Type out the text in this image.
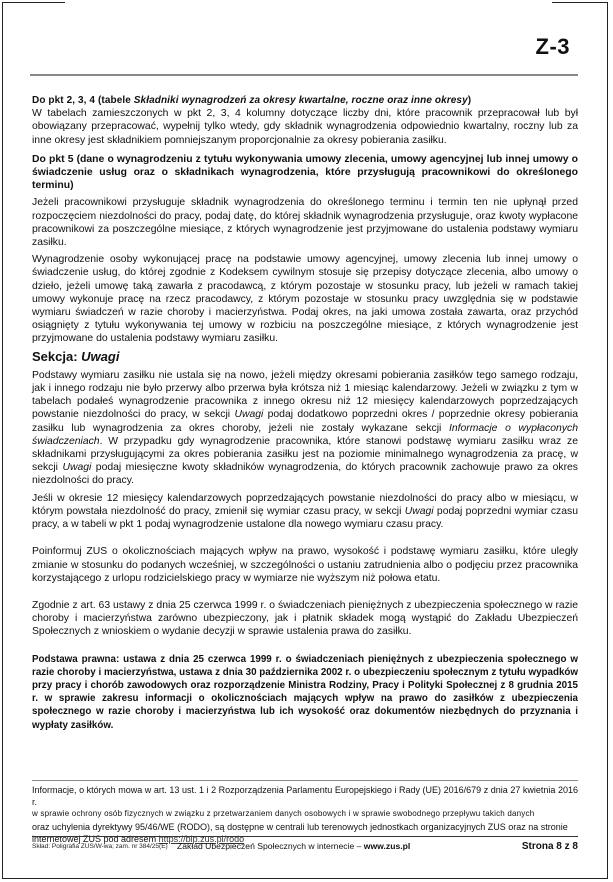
Z-3

Do pkt 2, 3, 4 (tabele Składniki wynagrodzeń za okresy kwartalne, roczne oraz inne okresy)

W tabelach zamieszczonych w pkt 2, 3, 4 kolumny dotyczące liczby dni, które pracownik przepracował lub był obowiązany przepracować, wypełnij tylko wtedy, gdy składnik wynagrodzenia odpowiednio kwartalny, roczny lub za inne okresy jest składnikiem pomniejszanym proporcjonalnie za okresy pobierania zasiłku.

Do pkt 5 (dane o wynagrodzeniu z tytułu wykonywania umowy zlecenia, umowy agencyjnej lub innej umowy o świadczenie usług oraz o składnikach wynagrodzenia, które przysługują pracownikowi do określonego terminu)

Jeżeli pracownikowi przysługuje składnik wynagrodzenia do określonego terminu i termin ten nie upłynął przed rozpoczęciem niezdolności do pracy, podaj datę, do której składnik wynagrodzenia przysługuje, oraz kwoty wypłacone pracownikowi za poszczególne miesiące, z których wynagrodzenie jest przyjmowane do ustalenia podstawy wymiaru zasiłku.

Wynagrodzenie osoby wykonującej pracę na podstawie umowy agencyjnej, umowy zlecenia lub innej umowy o świadczenie usług, do której zgodnie z Kodeksem cywilnym stosuje się przepisy dotyczące zlecenia, albo umowy o dzieło, jeżeli umowę taką zawarła z pracodawcą, z którym pozostaje w stosunku pracy, lub jeżeli w ramach takiej umowy wykonuje pracę na rzecz pracodawcy, z którym pozostaje w stosunku pracy uwzględnia się w podstawie wymiaru świadczeń w razie choroby i macierzyństwa. Podaj okres, na jaki umowa została zawarta, oraz przychód osiągnięty z tytułu wykonywania tej umowy w rozbiciu na poszczególne miesiące, z których wynagrodzenie jest przyjmowane do ustalenia podstawy wymiaru zasiłku.

Sekcja: Uwagi

Podstawy wymiaru zasiłku nie ustala się na nowo, jeżeli między okresami pobierania zasiłków tego samego rodzaju, jak i innego rodzaju nie było przerwy albo przerwa była krótsza niż 1 miesiąc kalendarzowy. Jeżeli w związku z tym w tabelach podałeś wynagrodzenie pracownika z innego okresu niż 12 miesięcy kalendarzowych poprzedzających powstanie niezdolności do pracy, w sekcji Uwagi podaj dodatkowo poprzedni okres / poprzednie okresy pobierania zasiłku lub wynagrodzenia za okres choroby, jeżeli nie zostały wykazane sekcji Informacje o wypłaconych świadczeniach. W przypadku gdy wynagrodzenie pracownika, które stanowi podstawę wymiaru zasiłku wraz ze składnikami przysługującymi za okres pobierania zasiłku jest na poziomie minimalnego wynagrodzenia za pracę, w sekcji Uwagi podaj miesięczne kwoty składników wynagrodzenia, do których pracownik zachowuje prawo za okres niezdolności do pracy.

Jeśli w okresie 12 miesięcy kalendarzowych poprzedzających powstanie niezdolności do pracy albo w miesiącu, w którym powstała niezdolność do pracy, zmienił się wymiar czasu pracy, w sekcji Uwagi podaj poprzedni wymiar czasu pracy, a w tabeli w pkt 1 podaj wynagrodzenie ustalone dla nowego wymiaru czasu pracy.

Poinformuj ZUS o okolicznościach mających wpływ na prawo, wysokość i podstawę wymiaru zasiłku, które uległy zmianie w stosunku do podanych wcześniej, w szczególności o ustaniu zatrudnienia albo o podjęciu przez pracownika korzystającego z urlopu rodzicielskiego pracy w wymiarze nie wyższym niż połowa etatu.

Zgodnie z art. 63 ustawy z dnia 25 czerwca 1999 r. o świadczeniach pieniężnych z ubezpieczenia społecznego w razie choroby i macierzyństwa zarówno ubezpieczony, jak i płatnik składek mogą wystąpić do Zakładu Ubezpieczeń Społecznych z wnioskiem o wydanie decyzji w sprawie ustalenia prawa do zasiłku.

Podstawa prawna: ustawa z dnia 25 czerwca 1999 r. o świadczeniach pieniężnych z ubezpieczenia społecznego w razie choroby i macierzyństwa, ustawa z dnia 30 października 2002 r. o ubezpieczeniu społecznym z tytułu wypadków przy pracy i chorób zawodowych oraz rozporządzenie Ministra Rodziny, Pracy i Polityki Społecznej z 8 grudnia 2015 r. w sprawie zakresu informacji o okolicznościach mających wpływ na prawo do zasiłków z ubezpieczenia społecznego w razie choroby i macierzyństwa lub ich wysokość oraz dokumentów niezbędnych do przyznania i wypłaty zasiłków.

Informacje, o których mowa w art. 13 ust. 1 i 2 Rozporządzenia Parlamentu Europejskiego i Rady (UE) 2016/679 z dnia 27 kwietnia 2016 r.

w sprawie ochrony osób fizycznych w związku z przetwarzaniem danych osobowych i w sprawie swobodnego przepływu takich danych

oraz uchylenia dyrektywy 95/46/WE (RODO), są dostępne w centrali lub terenowych jednostkach organizacyjnych ZUS oraz na stronie

internetowej ZUS pod adresem https://bip.zus.pl/rodo

Skład: Poligrafia ZUS/W-wa; zam. nr 384/25(E) Zakład Ubezpieczeń Społecznych w internecie – www.zus.pl	Strona 8 z 8
